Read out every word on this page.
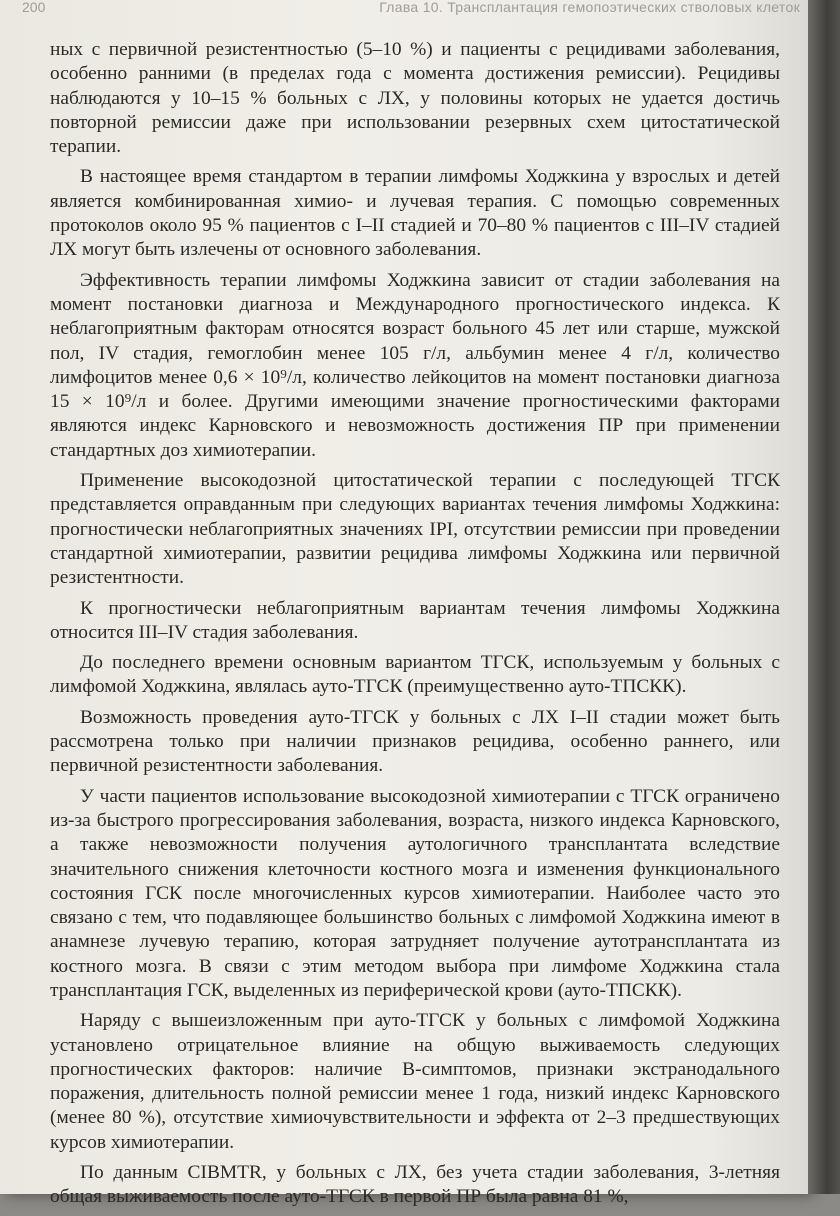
200	Глава 10. Трансплантация гемопоэтических стволовых клеток

ных с первичной резистентностью (5–10 %) и пациенты с рецидивами заболевания, особенно ранними (в пределах года с момента достижения ремиссии). Рецидивы наблюдаются у 10–15 % больных с ЛХ, у половины которых не удается достичь повторной ремиссии даже при использовании резервных схем цитостатической терапии.

В настоящее время стандартом в терапии лимфомы Ходжкина у взрослых и детей является комбинированная химио- и лучевая терапия. С помощью современных протоколов около 95 % пациентов с I–II стадией и 70–80 % пациентов с III–IV стадией ЛХ могут быть излечены от основного заболевания.

Эффективность терапии лимфомы Ходжкина зависит от стадии заболевания на момент постановки диагноза и Международного прогностического индекса. К неблагоприятным факторам относятся возраст больного 45 лет или старше, мужской пол, IV стадия, гемоглобин менее 105 г/л, альбумин менее 4 г/л, количество лимфоцитов менее 0,6 × 10⁹/л, количество лейкоцитов на момент постановки диагноза 15 × 10⁹/л и более. Другими имеющими значение прогностическими факторами являются индекс Карновского и невозможность достижения ПР при применении стандартных доз химиотерапии.

Применение высокодозной цитостатической терапии с последующей ТГСК представляется оправданным при следующих вариантах течения лимфомы Ходжкина: прогностически неблагоприятных значениях IPI, отсутствии ремиссии при проведении стандартной химиотерапии, развитии рецидива лимфомы Ходжкина или первичной резистентности.

К прогностически неблагоприятным вариантам течения лимфомы Ходжкина относится III–IV стадия заболевания.

До последнего времени основным вариантом ТГСК, используемым у больных с лимфомой Ходжкина, являлась ауто-ТГСК (преимущественно ауто-ТПСКК).

Возможность проведения ауто-ТГСК у больных с ЛХ I–II стадии может быть рассмотрена только при наличии признаков рецидива, особенно раннего, или первичной резистентности заболевания.

У части пациентов использование высокодозной химиотерапии с ТГСК ограничено из-за быстрого прогрессирования заболевания, возраста, низкого индекса Карновского, а также невозможности получения аутологичного трансплантата вследствие значительного снижения клеточности костного мозга и изменения функционального состояния ГСК после многочисленных курсов химиотерапии. Наиболее часто это связано с тем, что подавляющее большинство больных с лимфомой Ходжкина имеют в анамнезе лучевую терапию, которая затрудняет получение аутотрансплантата из костного мозга. В связи с этим методом выбора при лимфоме Ходжкина стала трансплантация ГСК, выделенных из периферической крови (ауто-ТПСКК).

Наряду с вышеизложенным при ауто-ТГСК у больных с лимфомой Ходжкина установлено отрицательное влияние на общую выживаемость следующих прогностических факторов: наличие B-симптомов, признаки экстранодального поражения, длительность полной ремиссии менее 1 года, низкий индекс Карновского (менее 80 %), отсутствие химиочувствительности и эффекта от 2–3 предшествующих курсов химиотерапии.

По данным CIBMTR, у больных с ЛХ, без учета стадии заболевания, 3-летняя общая выживаемость после ауто-ТГСК в первой ПР была равна 81 %,
